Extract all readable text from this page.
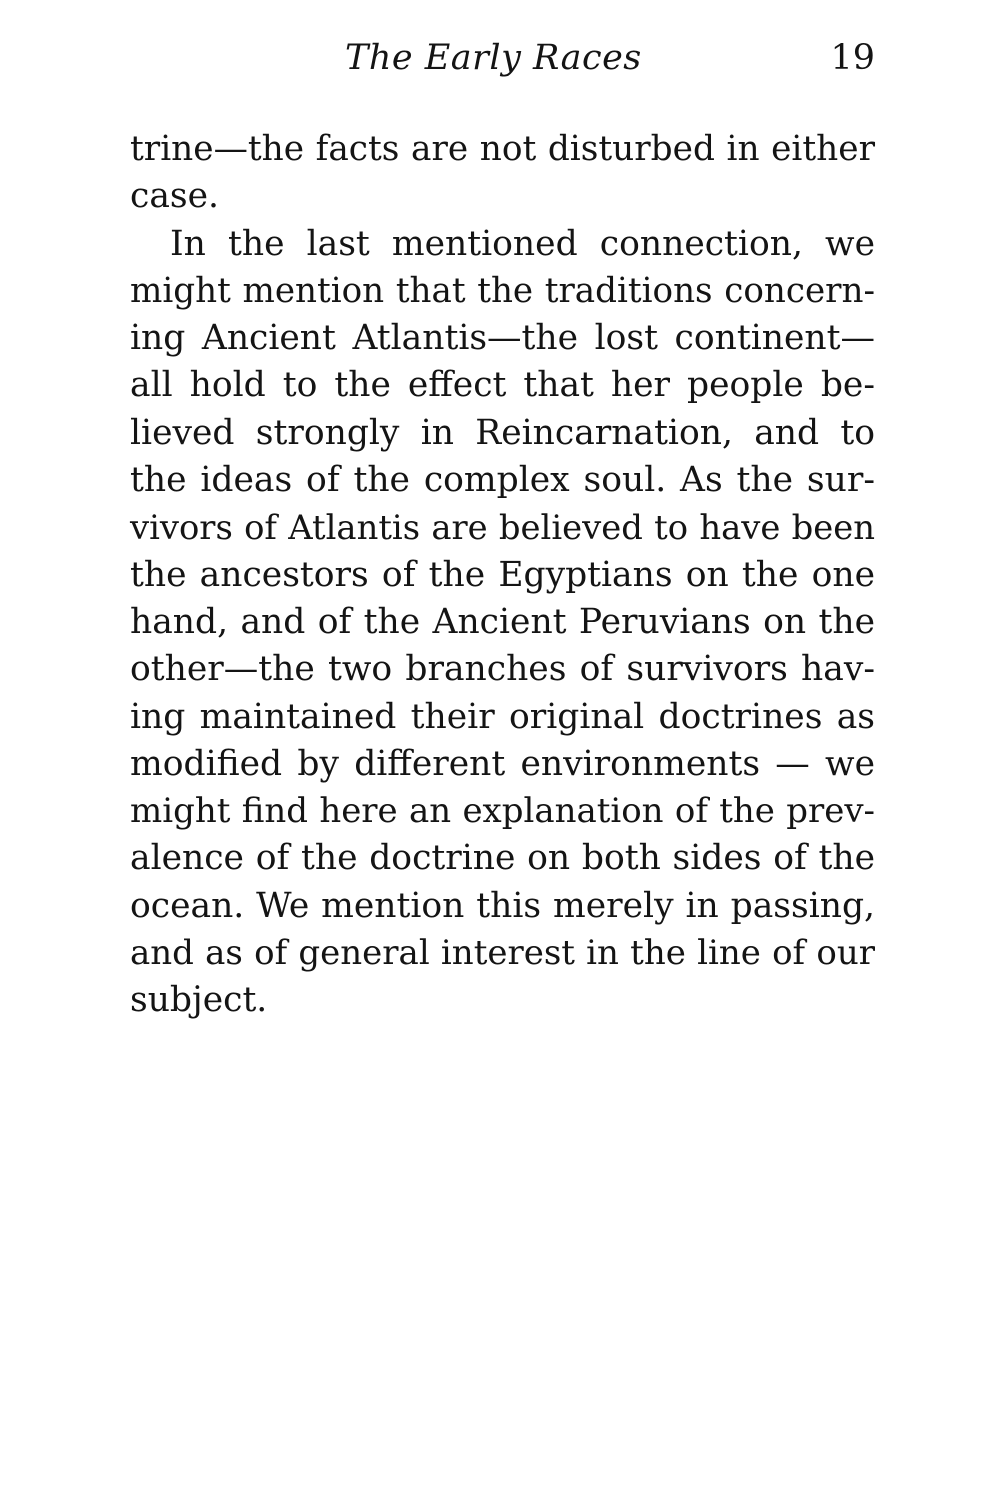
The Early Races	19
trine—the facts are not disturbed in either
case.
In the last mentioned connection, we
might mention that the traditions concern-
ing Ancient Atlantis—the lost continent—
all hold to the effect that her people be-
lieved strongly in Reincarnation, and to
the ideas of the complex soul. As the sur-
vivors of Atlantis are believed to have been
the ancestors of the Egyptians on the one
hand, and of the Ancient Peruvians on the
other—the two branches of survivors hav-
ing maintained their original doctrines as
modified by different environments — we
might find here an explanation of the prev-
alence of the doctrine on both sides of the
ocean. We mention this merely in passing,
and as of general interest in the line of our
subject.
